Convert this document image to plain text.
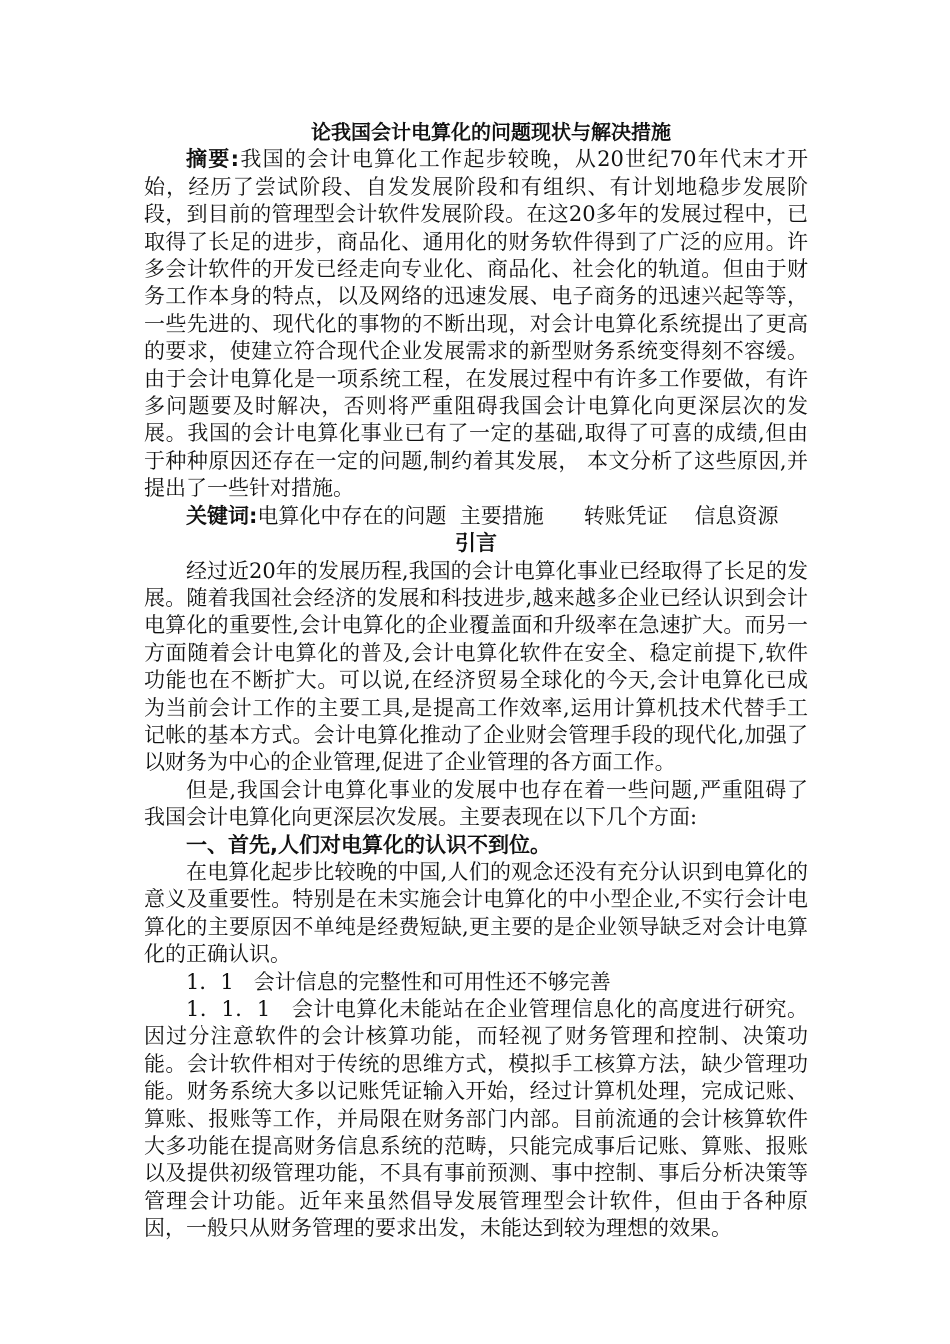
论我国会计电算化的问题现状与解决措施

摘要:我国的会计电算化工作起步较晚，从20世纪70年代末才开始，经历了尝试阶段、自发发展阶段和有组织、有计划地稳步发展阶段，到目前的管理型会计软件发展阶段。在这20多年的发展过程中，已取得了长足的进步，商品化、通用化的财务软件得到了广泛的应用。许多会计软件的开发已经走向专业化、商品化、社会化的轨道。但由于财务工作本身的特点，以及网络的迅速发展、电子商务的迅速兴起等等，一些先进的、现代化的事物的不断出现，对会计电算化系统提出了更高的要求，使建立符合现代企业发展需求的新型财务系统变得刻不容缓。由于会计电算化是一项系统工程，在发展过程中有许多工作要做，有许多问题要及时解决，否则将严重阻碍我国会计电算化向更深层次的发展。我国的会计电算化事业已有了一定的基础,取得了可喜的成绩,但由于种种原因还存在一定的问题,制约着其发展， 本文分析了这些原因,并提出了一些针对措施。

关键词:电算化中存在的问题  主要措施      转账凭证    信息资源

引言

经过近20年的发展历程,我国的会计电算化事业已经取得了长足的发展。随着我国社会经济的发展和科技进步,越来越多企业已经认识到会计电算化的重要性,会计电算化的企业覆盖面和升级率在急速扩大。而另一方面随着会计电算化的普及,会计电算化软件在安全、稳定前提下,软件功能也在不断扩大。可以说,在经济贸易全球化的今天,会计电算化已成为当前会计工作的主要工具,是提高工作效率,运用计算机技术代替手工记帐的基本方式。会计电算化推动了企业财会管理手段的现代化,加强了以财务为中心的企业管理,促进了企业管理的各方面工作。

但是,我国会计电算化事业的发展中也存在着一些问题,严重阻碍了我国会计电算化向更深层次发展。主要表现在以下几个方面:

一、首先,人们对电算化的认识不到位。

在电算化起步比较晚的中国,人们的观念还没有充分认识到电算化的意义及重要性。特别是在未实施会计电算化的中小型企业,不实行会计电算化的主要原因不单纯是经费短缺,更主要的是企业领导缺乏对会计电算化的正确认识。

1．1   会计信息的完整性和可用性还不够完善

1．1．1   会计电算化未能站在企业管理信息化的高度进行研究。因过分注意软件的会计核算功能，而轻视了财务管理和控制、决策功能。会计软件相对于传统的思维方式，模拟手工核算方法，缺少管理功能。财务系统大多以记账凭证输入开始，经过计算机处理，完成记账、算账、报账等工作，并局限在财务部门内部。目前流通的会计核算软件大多功能在提高财务信息系统的范畴，只能完成事后记账、算账、报账以及提供初级管理功能，不具有事前预测、事中控制、事后分析决策等管理会计功能。近年来虽然倡导发展管理型会计软件，但由于各种原因，一般只从财务管理的要求出发，未能达到较为理想的效果。
